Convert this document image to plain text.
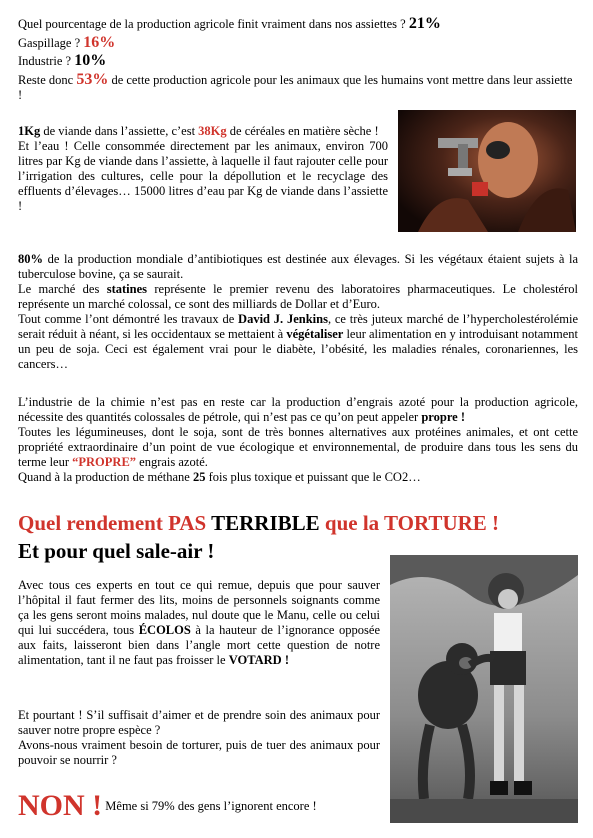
Quel pourcentage de la production agricole finit vraiment dans nos assiettes ? 21%

Gaspillage ? 16%

Industrie ? 10%

Reste donc 53% de cette production agricole pour les animaux que les humains vont mettre dans leur assiette !

1Kg de viande dans l’assiette, c’est 38Kg de céréales en matière sèche !
Et l’eau ! Celle consommée directement par les animaux, environ 700 litres par Kg de viande dans l’assiette, à laquelle il faut rajouter celle pour l’irrigation des cultures, celle pour la dépollution et le recyclage des effluents d’élevages… 15000 litres d’eau par Kg de viande dans l’assiette !

80% de la production mondiale d’antibiotiques est destinée aux élevages. Si les végétaux étaient sujets à la tuberculose bovine, ça se saurait.
Le marché des statines représente le premier revenu des laboratoires pharmaceutiques. Le cholestérol représente un marché colossal, ce sont des milliards de Dollar et d’Euro.
Tout comme l’ont démontré les travaux de David J. Jenkins, ce très juteux marché de l’hypercholestérolémie serait réduit à néant, si les occidentaux se mettaient à végétaliser leur alimentation en y introduisant notamment un peu de soja. Ceci est également vrai pour le diabète, l’obésité, les maladies rénales, coronariennes, les cancers…

L’industrie de la chimie n’est pas en reste car la production d’engrais azoté pour la production agricole, nécessite des quantités colossales de pétrole, qui n’est pas ce qu’on peut appeler propre !
Toutes les légumineuses, dont le soja, sont de très bonnes alternatives aux protéines animales, et ont cette propriété extraordinaire d’un point de vue écologique et environnemental, de produire dans tous les sens du terme leur “PROPRE” engrais azoté.
Quand à la production de méthane 25 fois plus toxique et puissant que le CO2…

Quel rendement PAS TERRIBLE que la TORTURE !

Et pour quel sale-air !

Avec tous ces experts en tout ce qui remue, depuis que pour sauver l’hôpital il faut fermer des lits, moins de personnels soignants comme ça les gens seront moins malades, nul doute que le Manu, celle ou celui qui lui succédera, tous ÉCOLOS à la hauteur de l’ignorance opposée aux faits, laisseront bien dans l’angle mort cette question de notre alimentation, tant il ne faut pas froisser le VOTARD !

Et pourtant ! S’il suffisait d’aimer et de prendre soin des animaux pour sauver notre propre espèce ?
Avons-nous vraiment besoin de torturer, puis de tuer des animaux pour pouvoir se nourrir ?

NON ! Même si 79% des gens l’ignorent encore !
